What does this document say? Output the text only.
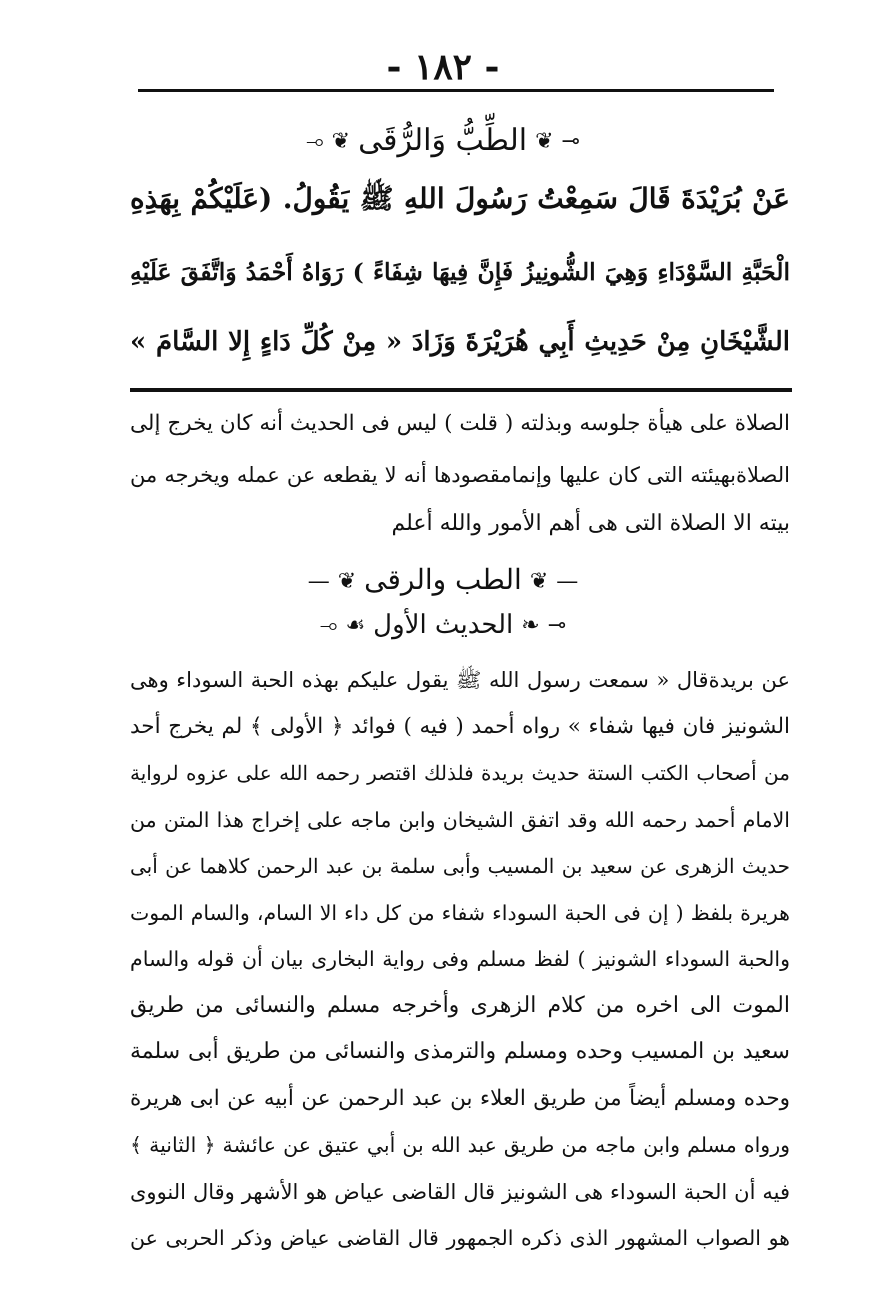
- ١٨٢ -
⊸❦الطِّبُّ وَالرُّقَى❦⟜
عَنْ بُرَيْدَةَ قَالَ سَمِعْتُ رَسُولَ اللهِ ﷺ يَقُولُ. (عَلَيْكُمْ بِهَذِهِ
الْحَبَّةِ السَّوْدَاءِ وَهِيَ الشُّونِيزُ فَإِنَّ فِيهَا شِفَاءً ) رَوَاهُ أَحْمَدُ وَاتَّفَقَ عَلَيْهِ
الشَّيْخَانِ مِنْ حَدِيثِ أَبِي هُرَيْرَةَ وَزَادَ « مِنْ كُلِّ دَاءٍ إِلا السَّامَ »
الصلاة على هيأة جلوسه وبذلته ( قلت ) ليس فى الحديث أنه كان يخرج إلى
الصلاةبهيئته التى كان عليها وإنمامقصودها أنه لا يقطعه عن عمله ويخرجه من
بيته الا الصلاة التى هى أهم الأمور والله أعلم
—❦الطب والرقى❦—
⊸❧الحديث الأول☙⟜
عن بريدةقال « سمعت رسول الله ﷺ يقول عليكم بهذه الحبة السوداء وهى
الشونيز فان فيها شفاء » رواه أحمد ( فيه ) فوائد ﴿ الأولى ﴾ لم يخرج أحد
من أصحاب الكتب الستة حديث بريدة فلذلك اقتصر رحمه الله على عزوه لرواية
الامام أحمد رحمه الله وقد اتفق الشيخان وابن ماجه على إخراج هذا المتن من
حديث الزهرى عن سعيد بن المسيب وأبى سلمة بن عبد الرحمن كلاهما عن أبى
هريرة بلفظ ( إن فى الحبة السوداء شفاء من كل داء الا السام، والسام الموت
والحبة السوداء الشونيز ) لفظ مسلم وفى رواية البخارى بيان أن قوله والسام
الموت الى اخره من كلام الزهرى وأخرجه مسلم والنسائى من طريق
سعيد بن المسيب وحده ومسلم والترمذى والنسائى من طريق أبى سلمة
وحده ومسلم أيضاً من طريق العلاء بن عبد الرحمن عن أبيه عن ابى هريرة
ورواه مسلم وابن ماجه من طريق عبد الله بن أبي عتيق عن عائشة ﴿ الثانية ﴾
فيه أن الحبة السوداء هى الشونيز قال القاضى عياض هو الأشهر وقال النووى
هو الصواب المشهور الذى ذكره الجمهور قال القاضى عياض وذكر الحربى عن
